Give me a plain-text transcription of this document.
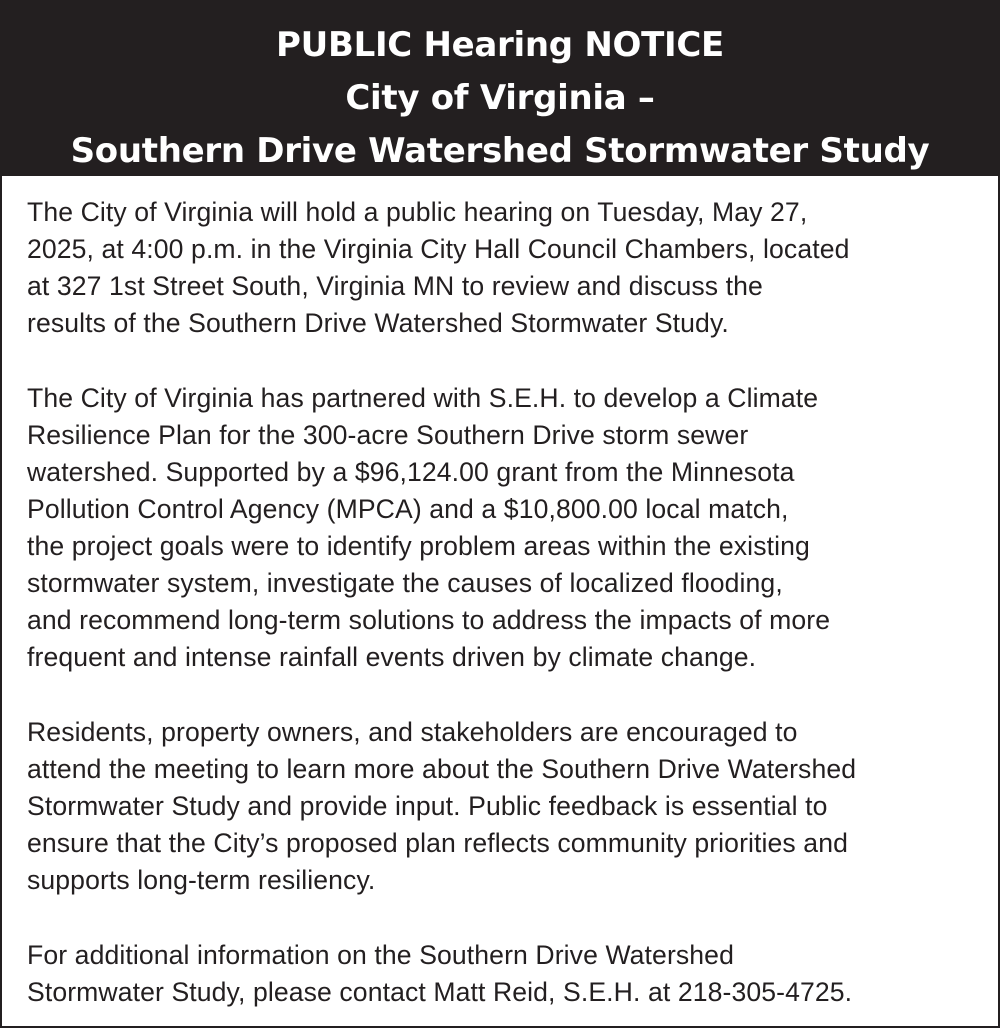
PUBLIC Hearing NOTICE
City of Virginia –
Southern Drive Watershed Stormwater Study

The City of Virginia will hold a public hearing on Tuesday, May 27,
2025, at 4:00 p.m. in the Virginia City Hall Council Chambers, located
at 327 1st Street South, Virginia MN to review and discuss the
results of the Southern Drive Watershed Stormwater Study.

The City of Virginia has partnered with S.E.H. to develop a Climate
Resilience Plan for the 300-acre Southern Drive storm sewer
watershed. Supported by a $96,124.00 grant from the Minnesota
Pollution Control Agency (MPCA) and a $10,800.00 local match,
the project goals were to identify problem areas within the existing
stormwater system, investigate the causes of localized flooding,
and recommend long-term solutions to address the impacts of more
frequent and intense rainfall events driven by climate change.

Residents, property owners, and stakeholders are encouraged to
attend the meeting to learn more about the Southern Drive Watershed
Stormwater Study and provide input. Public feedback is essential to
ensure that the City’s proposed plan reflects community priorities and
supports long-term resiliency.

For additional information on the Southern Drive Watershed
Stormwater Study, please contact Matt Reid, S.E.H. at 218-305-4725.
